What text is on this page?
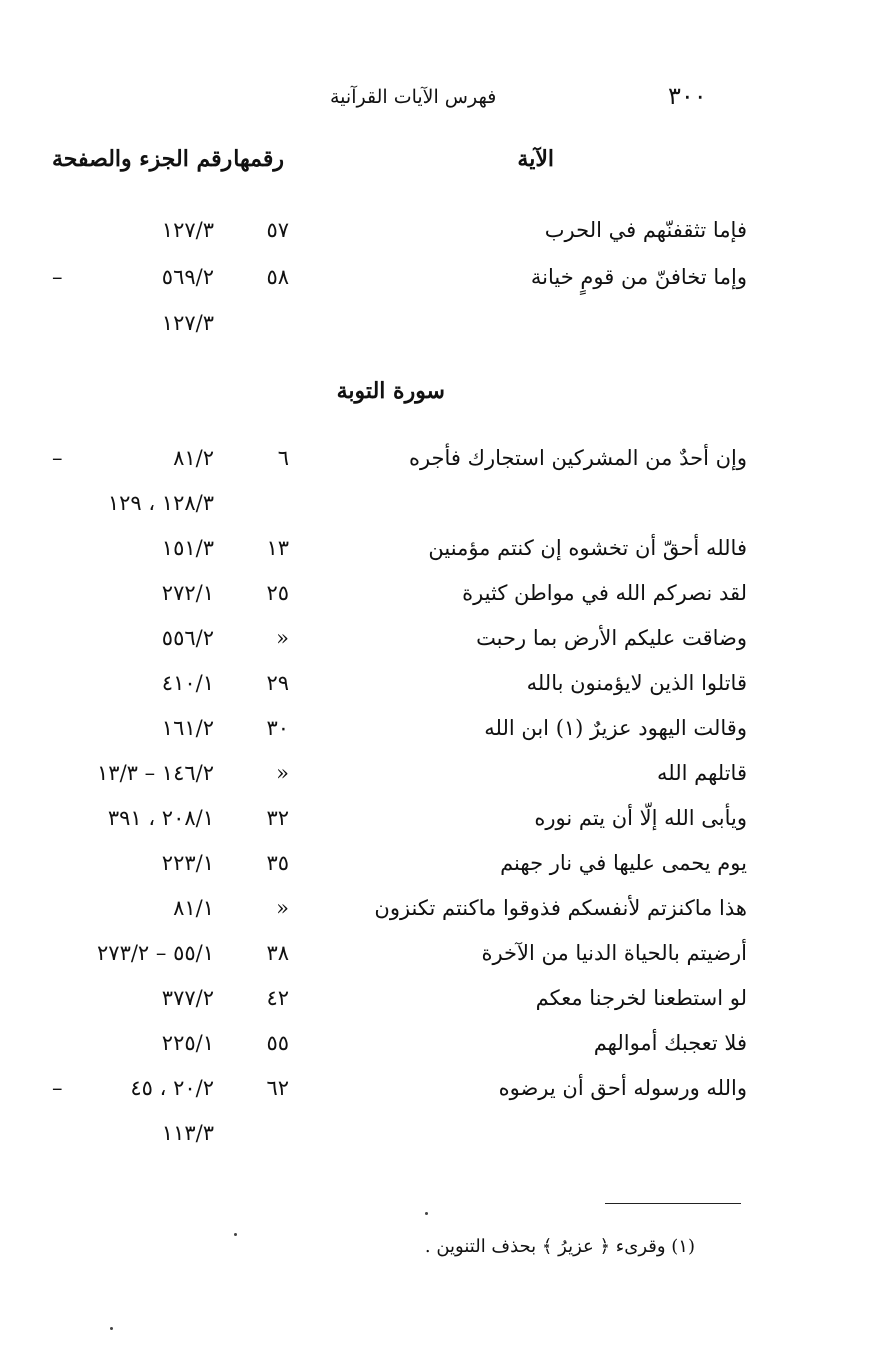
٣٠٠
فهرس الآيات القرآنية
الآية
رقمها
رقم الجزء والصفحة
فإما تثقفنّهم في الحرب
٥٧
١٢٧/٣
وإما تخافنّ من قومٍ خيانة
٥٨
٥٦٩/٢
–
١٢٧/٣
سورة التوبة
وإن أحدٌ من المشركين استجارك فأجره
٦
٨١/٢
–
١٢٨/٣ ، ١٢٩
فالله أحقّ أن تخشوه إن كنتم مؤمنين
١٣
١٥١/٣
لقد نصركم الله في مواطن كثيرة
٢٥
٢٧٢/١
وضاقت عليكم الأرض بما رحبت
»
٥٥٦/٢
قاتلوا الذين لايؤمنون بالله
٢٩
٤١٠/١
وقالت اليهود عزيرٌ (١) ابن الله
٣٠
١٦١/٢
قاتلهم الله
»
١٤٦/٢ – ١٣/٣
ويأبى الله إلّا أن يتم نوره
٣٢
٢٠٨/١ ، ٣٩١
يوم يحمى عليها في نار جهنم
٣٥
٢٢٣/١
هذا ماكنزتم لأنفسكم فذوقوا ماكنتم تكنزون
»
٨١/١
أرضيتم بالحياة الدنيا من الآخرة
٣٨
٥٥/١ – ٢٧٣/٢
لو استطعنا لخرجنا معكم
٤٢
٣٧٧/٢
فلا تعجبك أموالهم
٥٥
٢٢٥/١
والله ورسوله أحق أن يرضوه
٦٢
٢٠/٢ ، ٤٥
–
١١٣/٣
(١) وقرىء ﴿ عزيرُ ﴾ بحذف التنوين .
